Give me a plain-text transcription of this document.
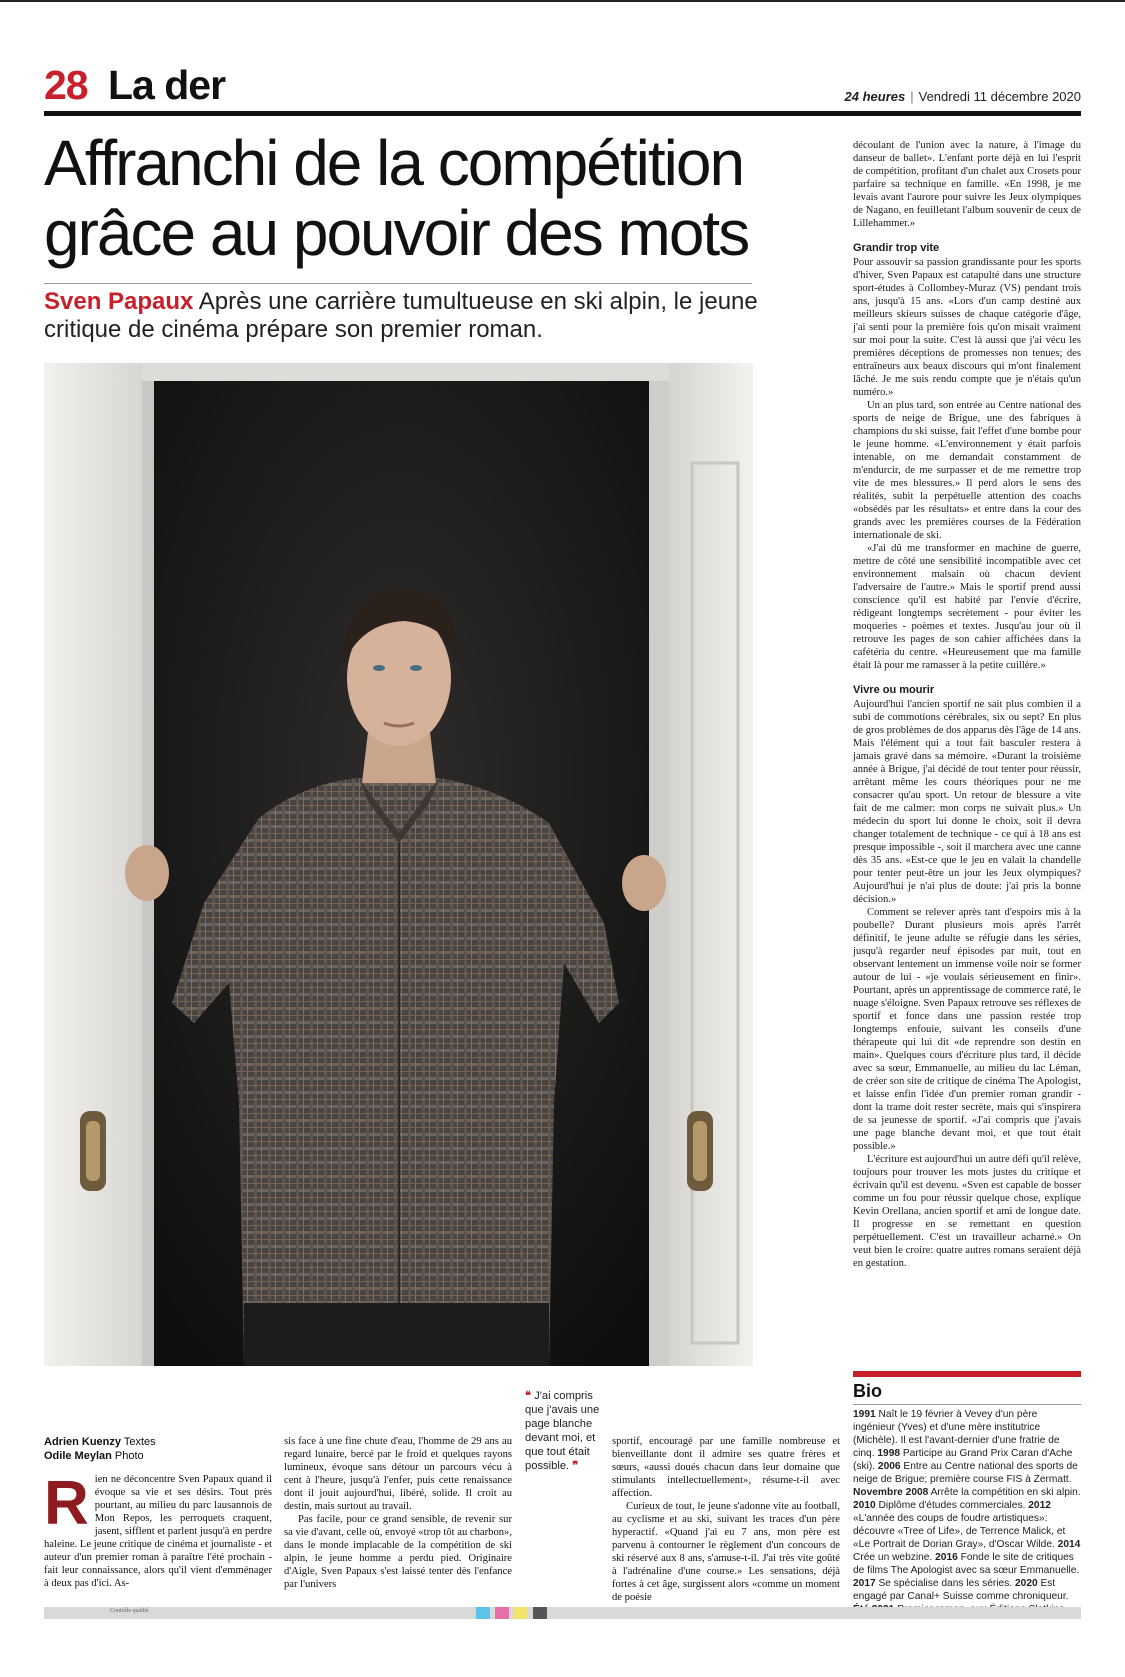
28 La der	24 heures | Vendredi 11 décembre 2020
Affranchi de la compétition
grâce au pouvoir des mots
Sven Papaux Après une carrière tumultueuse en ski alpin, le jeune critique de cinéma prépare son premier roman.

découlant de l'union avec la nature, à l'image du danseur de ballet». L'enfant porte déjà en lui l'esprit de compétition, profitant d'un chalet aux Crosets pour parfaire sa technique en famille. «En 1998, je me levais avant l'aurore pour suivre les Jeux olympiques de Nagano, en feuilletant l'album souvenir de ceux de Lillehammer.»

Grandir trop vite

Pour assouvir sa passion grandissante pour les sports d'hiver, Sven Papaux est catapulté dans une structure sport-études à Collombey-Muraz (VS) pendant trois ans, jusqu'à 15 ans. «Lors d'un camp destiné aux meilleurs skieurs suisses de chaque catégorie d'âge, j'ai senti pour la première fois qu'on misait vraiment sur moi pour la suite. C'est là aussi que j'ai vécu les premières déceptions de promesses non tenues; des entraîneurs aux beaux discours qui m'ont finalement lâché. Je me suis rendu compte que je n'étais qu'un numéro.»

Un an plus tard, son entrée au Centre national des sports de neige de Brigue, une des fabriques à champions du ski suisse, fait l'effet d'une bombe pour le jeune homme. «L'environnement y était parfois intenable, on me demandait constamment de m'endurcir, de me surpasser et de me remettre trop vite de mes blessures.» Il perd alors le sens des réalités, subit la perpétuelle attention des coachs «obsédés par les résultats» et entre dans la cour des grands avec les premières courses de la Fédération internationale de ski.

«J'ai dû me transformer en machine de guerre, mettre de côté une sensibilité incompatible avec cet environnement malsain où chacun devient l'adversaire de l'autre.» Mais le sportif prend aussi conscience qu'il est habité par l'envie d'écrire, rédigeant longtemps secrètement - pour éviter les moqueries - poèmes et textes. Jusqu'au jour où il retrouve les pages de son cahier affichées dans la cafétéria du centre. «Heureusement que ma famille était là pour me ramasser à la petite cuillère.»

Vivre ou mourir

Aujourd'hui l'ancien sportif ne sait plus combien il a subi de commotions cérébrales, six ou sept? En plus de gros problèmes de dos apparus dès l'âge de 14 ans. Mais l'élément qui a tout fait basculer restera à jamais gravé dans sa mémoire. «Durant la troisième année à Brigue, j'ai décidé de tout tenter pour réussir, arrêtant même les cours théoriques pour ne me consacrer qu'au sport. Un retour de blessure a vite fait de me calmer: mon corps ne suivait plus.» Un médecin du sport lui donne le choix, soit il devra changer totalement de technique - ce qui à 18 ans est presque impossible -, soit il marchera avec une canne dès 35 ans. «Est-ce que le jeu en valait la chandelle pour tenter peut-être un jour les Jeux olympiques? Aujourd'hui je n'ai plus de doute: j'ai pris la bonne décision.»

Comment se relever après tant d'espoirs mis à la poubelle? Durant plusieurs mois après l'arrêt définitif, le jeune adulte se réfugie dans les séries, jusqu'à regarder neuf épisodes par nuit, tout en observant lentement un immense voile noir se former autour de lui - «je voulais sérieusement en finir». Pourtant, après un apprentissage de commerce raté, le nuage s'éloigne. Sven Papaux retrouve ses réflexes de sportif et fonce dans une passion restée trop longtemps enfouie, suivant les conseils d'une thérapeute qui lui dit «de reprendre son destin en main». Quelques cours d'écriture plus tard, il décide avec sa sœur, Emmanuelle, au milieu du lac Léman, de créer son site de critique de cinéma The Apologist, et laisse enfin l'idée d'un premier roman grandir - dont la trame doit rester secrète, mais qui s'inspirera de sa jeunesse de sportif. «J'ai compris que j'avais une page blanche devant moi, et que tout était possible.»

L'écriture est aujourd'hui un autre défi qu'il relève, toujours pour trouver les mots justes du critique et écrivain qu'il est devenu. «Sven est capable de bosser comme un fou pour réussir quelque chose, explique Kevin Orellana, ancien sportif et ami de longue date. Il progresse en se remettant en question perpétuellement. C'est un travailleur acharné.» On veut bien le croire: quatre autres romans seraient déjà en gestation.

Bio
1991 Naît le 19 février à Vevey d'un père ingénieur (Yves) et d'une mère institutrice (Michèle). Il est l'avant-dernier d'une fratrie de cinq. 1998 Participe au Grand Prix Caran d'Ache (ski). 2006 Entre au Centre national des sports de neige de Brigue; première course FIS à Zermatt. Novembre 2008 Arrête la compétition en ski alpin. 2010 Diplôme d'études commerciales. 2012 «L'année des coups de foudre artistiques»: découvre «Tree of Life», de Terrence Malick, et «Le Portrait de Dorian Gray», d'Oscar Wilde. 2014 Crée un webzine. 2016 Fonde le site de critiques de films The Apologist avec sa sœur Emmanuelle. 2017 Se spécialise dans les séries. 2020 Est engagé par Canal+ Suisse comme chroniqueur.
Adrien Kuenzy Textes
Odile Meylan Photo
R ien ne déconcentre Sven Papaux quand il évoque sa vie et ses désirs. Tout près pourtant, au milieu du parc lausannois de Mon Repos, les perroquets craquent, jasent, sifflent et parlent jusqu'à en perdre haleine. Le jeune critique de cinéma et journaliste - et auteur d'un premier roman à paraître l'été prochain - fait leur connaissance, alors qu'il vient d'emménager à deux pas d'ici. As-

sis face à une fine chute d'eau, l'homme de 29 ans au regard lunaire, bercé par le froid et quelques rayons lumineux, évoque sans détour un parcours vécu à cent à l'heure, jusqu'à l'enfer, puis cette renaissance dont il jouit aujourd'hui, libéré, solide. Il croit au destin, mais surtout au travail.

Pas facile, pour ce grand sensible, de revenir sur sa vie d'avant, celle où, envoyé «trop tôt au charbon», dans le monde implacable de la compétition de ski alpin, le jeune homme a perdu pied. Originaire d'Aigle, Sven Papaux s'est laissé tenter dès l'enfance par l'univers

❝ J'ai compris que j'avais une page blanche devant moi, et que tout était possible. ❞

sportif, encouragé par une famille nombreuse et bienveillante dont il admire ses quatre frères et sœurs, «aussi doués chacun dans leur domaine que stimulants intellectuellement», résume-t-il avec affection.

Curieux de tout, le jeune s'adonne vite au football, au cyclisme et au ski, suivant les traces d'un père hyperactif. «Quand j'ai eu 7 ans, mon père est parvenu à contourner le règlement d'un concours de ski réservé aux 8 ans, s'amuse-t-il. J'ai très vite goûté à l'adrénaline d'une course.» Les sensations, déjà fortes à cet âge, surgissent alors «comme un moment de poésie

Contrôle qualité
